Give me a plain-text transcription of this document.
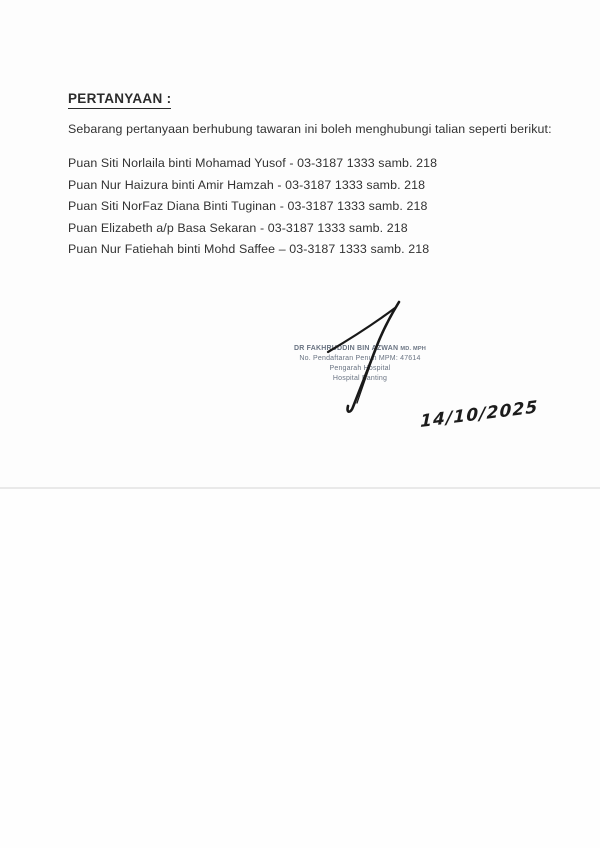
PERTANYAAN :

Sebarang pertanyaan berhubung tawaran ini boleh menghubungi talian seperti berikut:

Puan Siti Norlaila binti Mohamad Yusof - 03-3187 1333 samb. 218
Puan Nur Haizura binti Amir Hamzah - 03-3187 1333 samb. 218
Puan Siti NorFaz Diana Binti Tuginan - 03-3187 1333 samb. 218
Puan Elizabeth a/p Basa Sekaran - 03-3187 1333 samb. 218
Puan Nur Fatiehah binti Mohd Saffee – 03-3187 1333 samb. 218
DR FAKHRUDDIN BIN AZWAN MD. MPH
No. Pendaftaran Penuh MPM: 47614
Pengarah Hospital
Hospital Banting
14/10/2025
